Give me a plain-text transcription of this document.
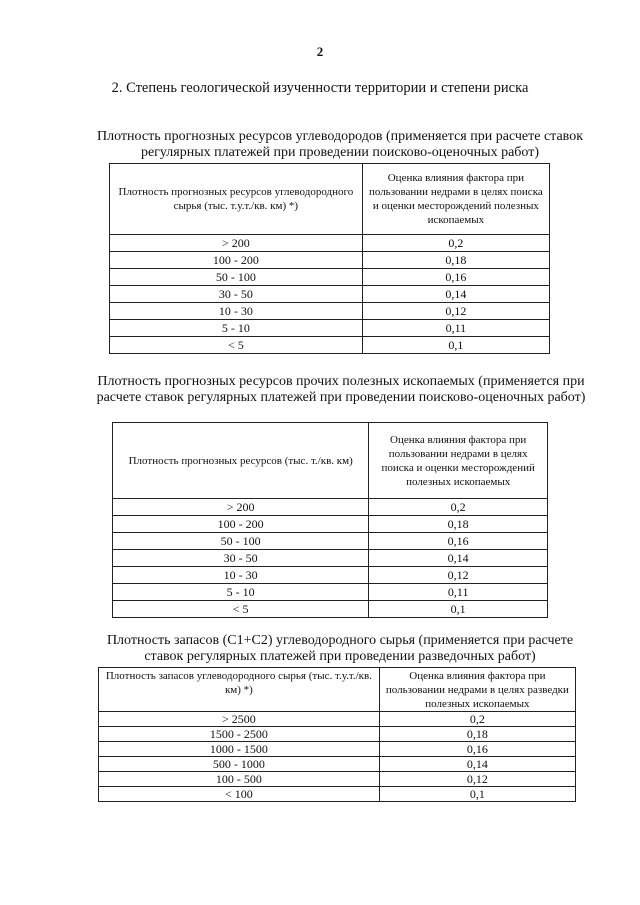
2
2. Степень геологической изученности территории и степени риска
Плотность прогнозных ресурсов углеводородов (применяется при расчете ставок регулярных платежей при проведении поисково-оценочных работ)
Плотность прогнозных ресурсов углеводородного сырья (тыс. т.у.т./кв. км) *)	Оценка влияния фактора при пользовании недрами в целях поиска и оценки месторождений полезных ископаемых
> 200	0,2
100 - 200	0,18
50 - 100	0,16
30 - 50	0,14
10 - 30	0,12
5 - 10	0,11
< 5	0,1
Плотность прогнозных ресурсов прочих полезных ископаемых (применяется при расчете ставок регулярных платежей при проведении поисково-оценочных работ)
Плотность прогнозных ресурсов (тыс. т./кв. км)	Оценка влияния фактора при пользовании недрами в целях поиска и оценки месторождений полезных ископаемых
> 200	0,2
100 - 200	0,18
50 - 100	0,16
30 - 50	0,14
10 - 30	0,12
5 - 10	0,11
< 5	0,1
Плотность запасов (С1+С2) углеводородного сырья (применяется при расчете ставок регулярных платежей при проведении разведочных работ)
Плотность запасов углеводородного сырья (тыс. т.у.т./кв. км) *)	Оценка влияния фактора при пользовании недрами в целях разведки полезных ископаемых
> 2500	0,2
1500 - 2500	0,18
1000 - 1500	0,16
500 - 1000	0,14
100 - 500	0,12
< 100	0,1
